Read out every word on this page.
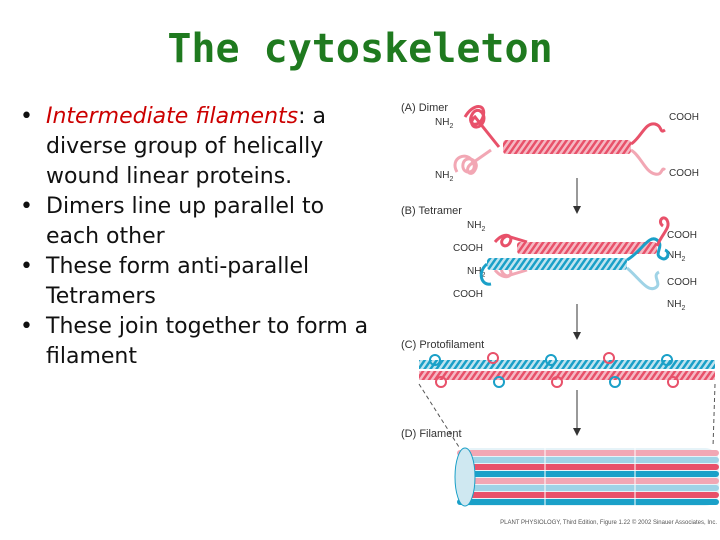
The cytoskeleton
• Intermediate filaments: a diverse group of helically wound linear proteins.
• Dimers line up parallel to each other
• These form anti-parallel Tetramers
• These join together to form a filament
(A) Dimer
$NH_2$
$NH_2$
COOH
COOH
(B) Tetramer
$NH_2$
COOH
$NH_2$
COOH
COOH
$NH_2$
COOH
$NH_2$
(C) Protofilament
(D) Filament
PLANT PHYSIOLOGY, Third Edition, Figure 1.22 © 2002 Sinauer Associates, Inc.
